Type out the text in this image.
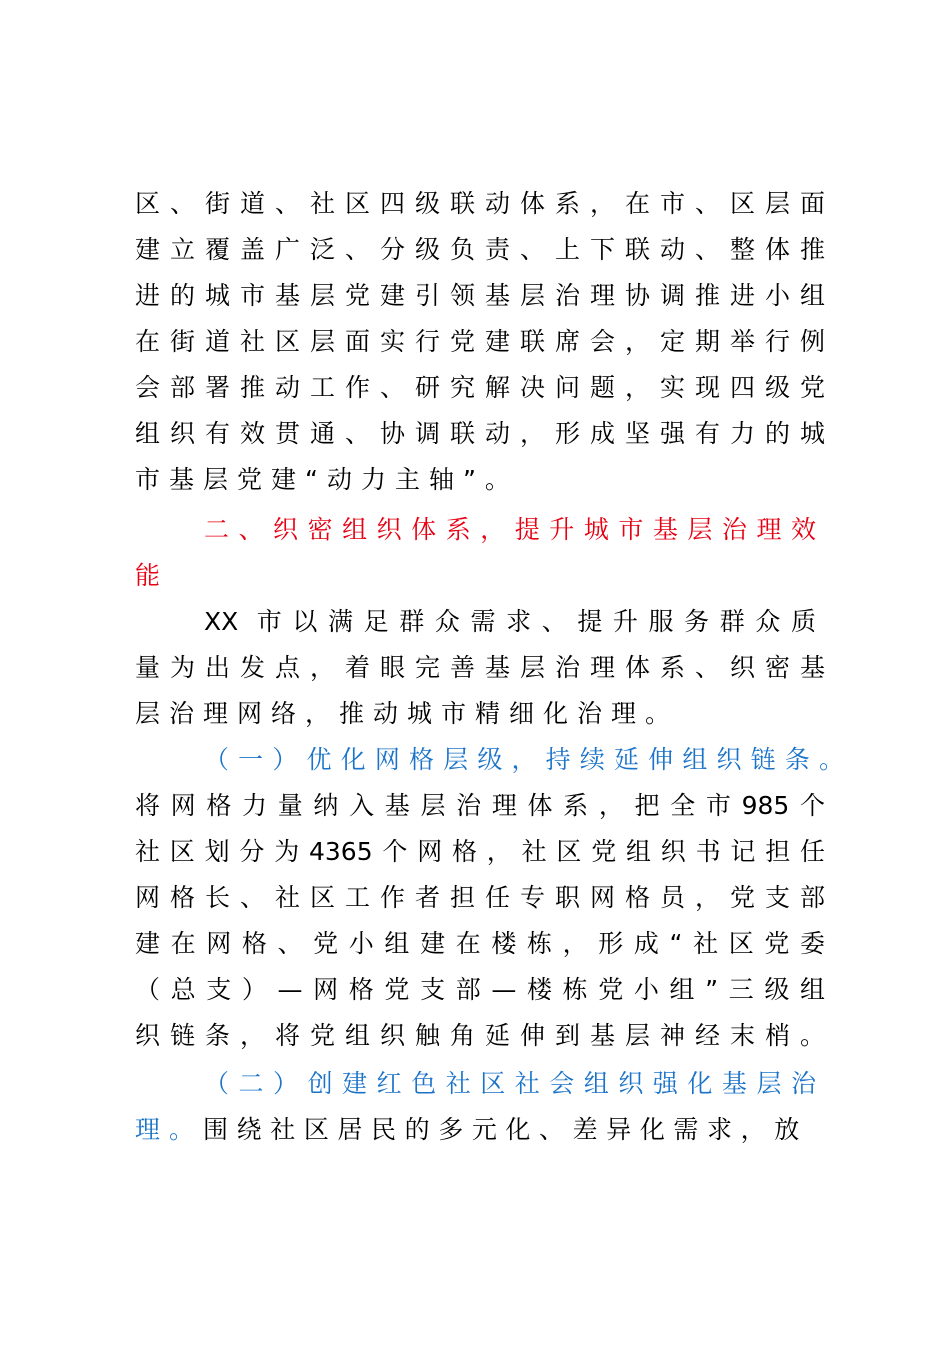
区、街道、社区四级联动体系，在市、区层面
建立覆盖广泛、分级负责、上下联动、整体推
进的城市基层党建引领基层治理协调推进小组
在街道社区层面实行党建联席会，定期举行例
会部署推动工作、研究解决问题，实现四级党
组织有效贯通、协调联动，形成坚强有力的城
市基层党建“动力主轴”。
二、织密组织体系，提升城市基层治理效
能
XX 市以满足群众需求、提升服务群众质
量为出发点，着眼完善基层治理体系、织密基
层治理网络，推动城市精细化治理。
（一）优化网格层级，持续延伸组织链条。
将网格力量纳入基层治理体系，把全市985个
社区划分为4365个网格，社区党组织书记担任
网格长、社区工作者担任专职网格员，党支部
建在网格、党小组建在楼栋，形成“社区党委
（总支）—网格党支部—楼栋党小组”三级组
织链条，将党组织触角延伸到基层神经末梢。
（二）创建红色社区社会组织强化基层治
理。围绕社区居民的多元化、差异化需求，放
